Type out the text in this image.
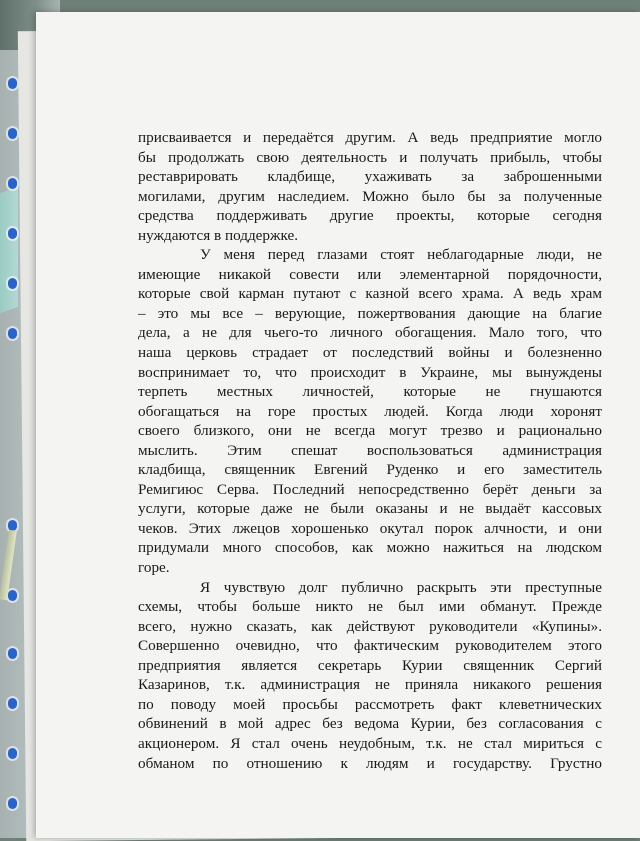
присваивается и передаётся другим. А ведь предприятие могло
бы продолжать свою деятельность и получать прибыль, чтобы
реставрировать кладбище, ухаживать за заброшенными
могилами, другим наследием. Можно было бы за полученные
средства поддерживать другие проекты, которые сегодня
нуждаются в поддержке.
У меня перед глазами стоят неблагодарные люди, не
имеющие никакой совести или элементарной порядочности,
которые свой карман путают с казной всего храма. А ведь храм
– это мы все – верующие, пожертвования дающие на благие
дела, а не для чьего-то личного обогащения. Мало того, что
наша церковь страдает от последствий войны и болезненно
воспринимает то, что происходит в Украине, мы вынуждены
терпеть местных личностей, которые не гнушаются
обогащаться на горе простых людей. Когда люди хоронят
своего близкого, они не всегда могут трезво и рационально
мыслить. Этим спешат воспользоваться администрация
кладбища, священник Евгений Руденко и его заместитель
Ремигиюс Серва. Последний непосредственно берёт деньги за
услуги, которые даже не были оказаны и не выдаёт кассовых
чеков. Этих лжецов хорошенько окутал порок алчности, и они
придумали много способов, как можно нажиться на людском
горе.
Я чувствую долг публично раскрыть эти преступные
схемы, чтобы больше никто не был ими обманут. Прежде
всего, нужно сказать, как действуют руководители «Купины».
Совершенно очевидно, что фактическим руководителем этого
предприятия является секретарь Курии священник Сергий
Казаринов, т.к. администрация не приняла никакого решения
по поводу моей просьбы рассмотреть факт клеветнических
обвинений в мой адрес без ведома Курии, без согласования с
акционером. Я стал очень неудобным, т.к. не стал мириться с
обманом по отношению к людям и государству. Грустно
